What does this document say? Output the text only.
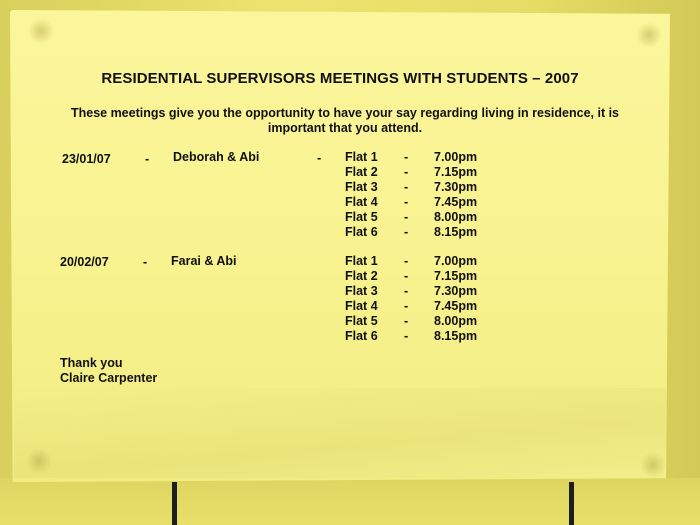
RESIDENTIAL SUPERVISORS MEETINGS WITH STUDENTS – 2007
These meetings give you the opportunity to have your say regarding living in residence, it is important that you attend.
23/01/07	- Deborah & Abi	- Flat 1 - 7.00pm
Flat 2 - 7.15pm
Flat 3 - 7.30pm
Flat 4 - 7.45pm
Flat 5 - 8.00pm
Flat 6 - 8.15pm
20/02/07	- Farai & Abi	Flat 1 - 7.00pm
Flat 2 - 7.15pm
Flat 3 - 7.30pm
Flat 4 - 7.45pm
Flat 5 - 8.00pm
Flat 6 - 8.15pm
Thank you
Claire Carpenter
